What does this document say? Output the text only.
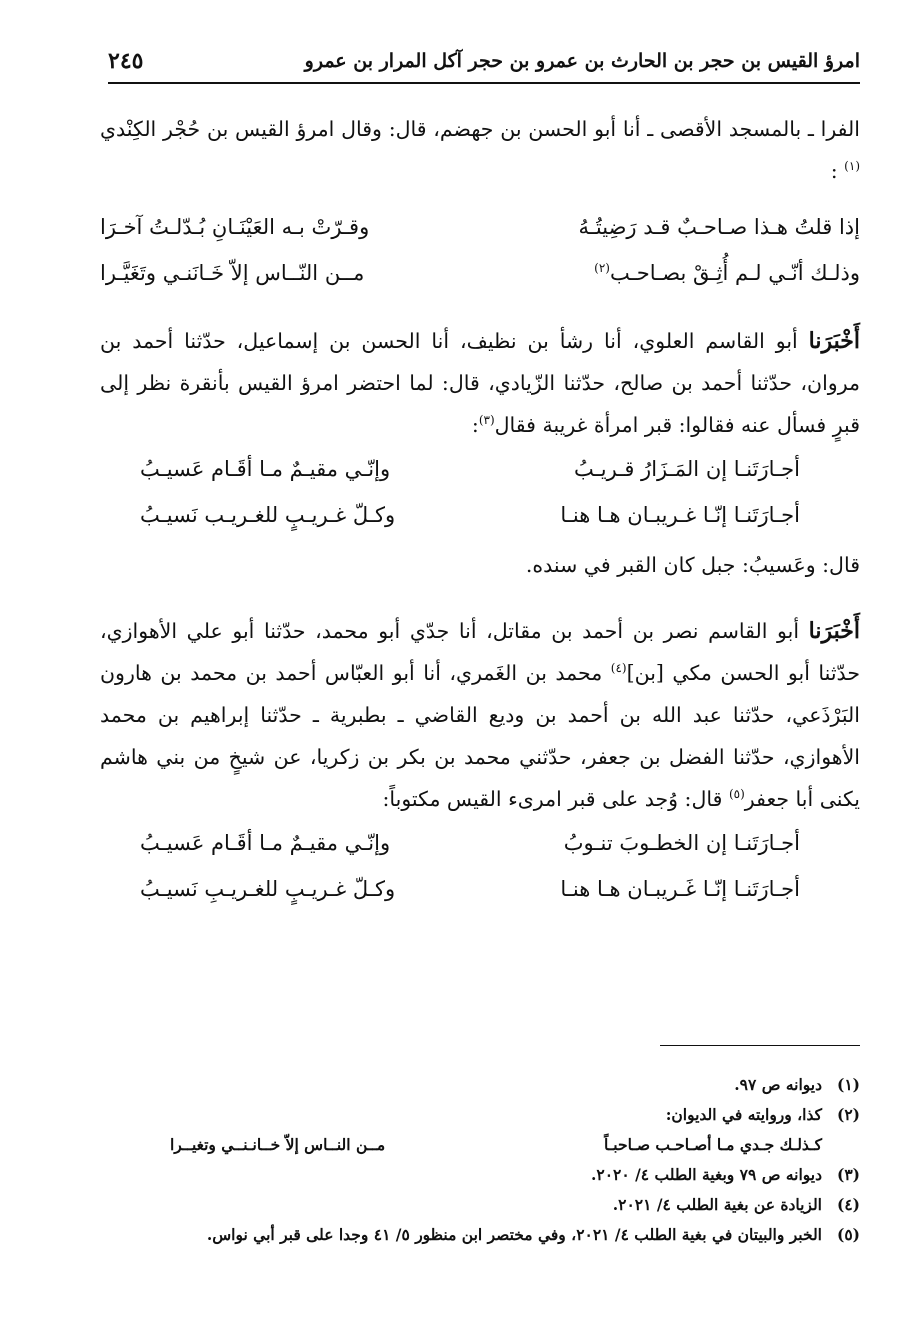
امرؤ القيس بن حجر بن الحارث بن عمرو بن حجر آكل المرار بن عمرو
٢٤٥

الفرا ـ بالمسجد الأقصى ـ أنا أبو الحسن بن جهضم، قال: وقال امرؤ القيس بن حُجْر الكِنْدي $^{(١)}$ :

إذا قلتُ هـذا صـاحـبٌ قـد رَضِيتُـهُ
وقـرّتْ بـه العَيْنَـانِ بُـدّلـتُ آخـرَا
وذلـك أنّـي لـم أُثِـقْ بصـاحـب$^{(٢)}$
مــن النّــاس إلاّ خَـانَنـي وتَغَيَّـرا

أَخْبَرَنا أبو القاسم العلوي، أنا رشأ بن نظيف، أنا الحسن بن إسماعيل، حدّثنا أحمد بن مروان، حدّثنا أحمد بن صالح، حدّثنا الزّيادي، قال: لما احتضر امرؤ القيس بأنقرة نظر إلى قبرٍ فسأل عنه فقالوا: قبر امرأة غريبة فقال$^{(٣)}$:

أجـارَتَنـا إن المَـزَارُ قـريـبُ
وإنّـي مقيـمٌ مـا أقَـام عَسيـبُ
أجـارَتَنـا إنّـا غـريبـان هـا هنـا
وكـلّ غـريـبٍ للغـريـب نَسيـبُ

قال: وعَسيبُ: جبل كان القبر في سنده.

أَخْبَرَنا أبو القاسم نصر بن أحمد بن مقاتل، أنا جدّي أبو محمد، حدّثنا أبو علي الأهوازي، حدّثنا أبو الحسن مكي [بن]$^{(٤)}$ محمد بن الغَمري، أنا أبو العبّاس أحمد بن محمد بن هارون البَرْذَعي، حدّثنا عبد الله بن أحمد بن وديع القاضي ـ بطبرية ـ حدّثنا إبراهيم بن محمد الأهوازي، حدّثنا الفضل بن جعفر، حدّثني محمد بن بكر بن زكريا، عن شيخٍ من بني هاشم يكنى أبا جعفر$^{(٥)}$ قال: وُجد على قبر امرىء القيس مكتوباً:

أجـارَتَنـا إن الخطـوبَ تنـوبُ
وإنّـي مقيـمٌ مـا أقَـام عَسيـبُ
أجـارَتَنـا إنّـا غَـريبـان هـا هنـا
وكـلّ غـريـبٍ للغـريـبِ نَسيـبُ
(١)
ديوانه ص ٩٧.
(٢)
كذا، وروايته في الديوان:
كـذلـك جـدي مـا أصـاحـب صـاحبـاً
مــن النــاس إلاّ خــانـنــي وتغيــرا
(٣)
ديوانه ص ٧٩ وبغية الطلب ٤/ ٢٠٢٠.
(٤)
الزيادة عن بغية الطلب ٤/ ٢٠٢١.
(٥)
الخبر والبيتان في بغية الطلب ٤/ ٢٠٢١، وفي مختصر ابن منظور ٥/ ٤١ وجدا على قبر أبي نواس.
